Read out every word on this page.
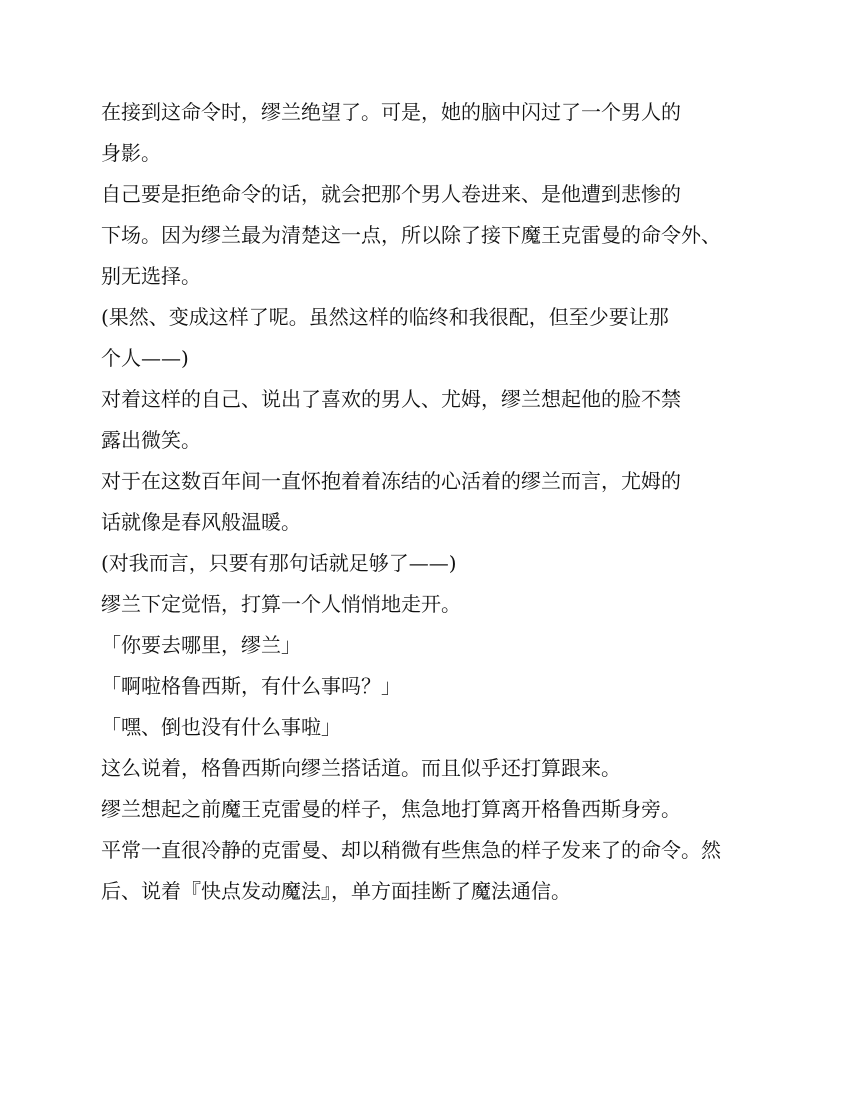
在接到这命令时，缪兰绝望了。可是，她的脑中闪过了一个男人的
身影。
自己要是拒绝命令的话，就会把那个男人卷进来、是他遭到悲惨的
下场。因为缪兰最为清楚这一点，所以除了接下魔王克雷曼的命令外、
别无选择。
(果然、变成这样了呢。虽然这样的临终和我很配，但至少要让那
个人——)
对着这样的自己、说出了喜欢的男人、尤姆，缪兰想起他的脸不禁
露出微笑。
对于在这数百年间一直怀抱着着冻结的心活着的缪兰而言，尤姆的
话就像是春风般温暖。
(对我而言，只要有那句话就足够了——)
缪兰下定觉悟，打算一个人悄悄地走开。
「你要去哪里，缪兰」
「啊啦格鲁西斯，有什么事吗？」
「嘿、倒也没有什么事啦」
这么说着，格鲁西斯向缪兰搭话道。而且似乎还打算跟来。
缪兰想起之前魔王克雷曼的样子，焦急地打算离开格鲁西斯身旁。
平常一直很冷静的克雷曼、却以稍微有些焦急的样子发来了的命令。然
后、说着『快点发动魔法』，单方面挂断了魔法通信。
